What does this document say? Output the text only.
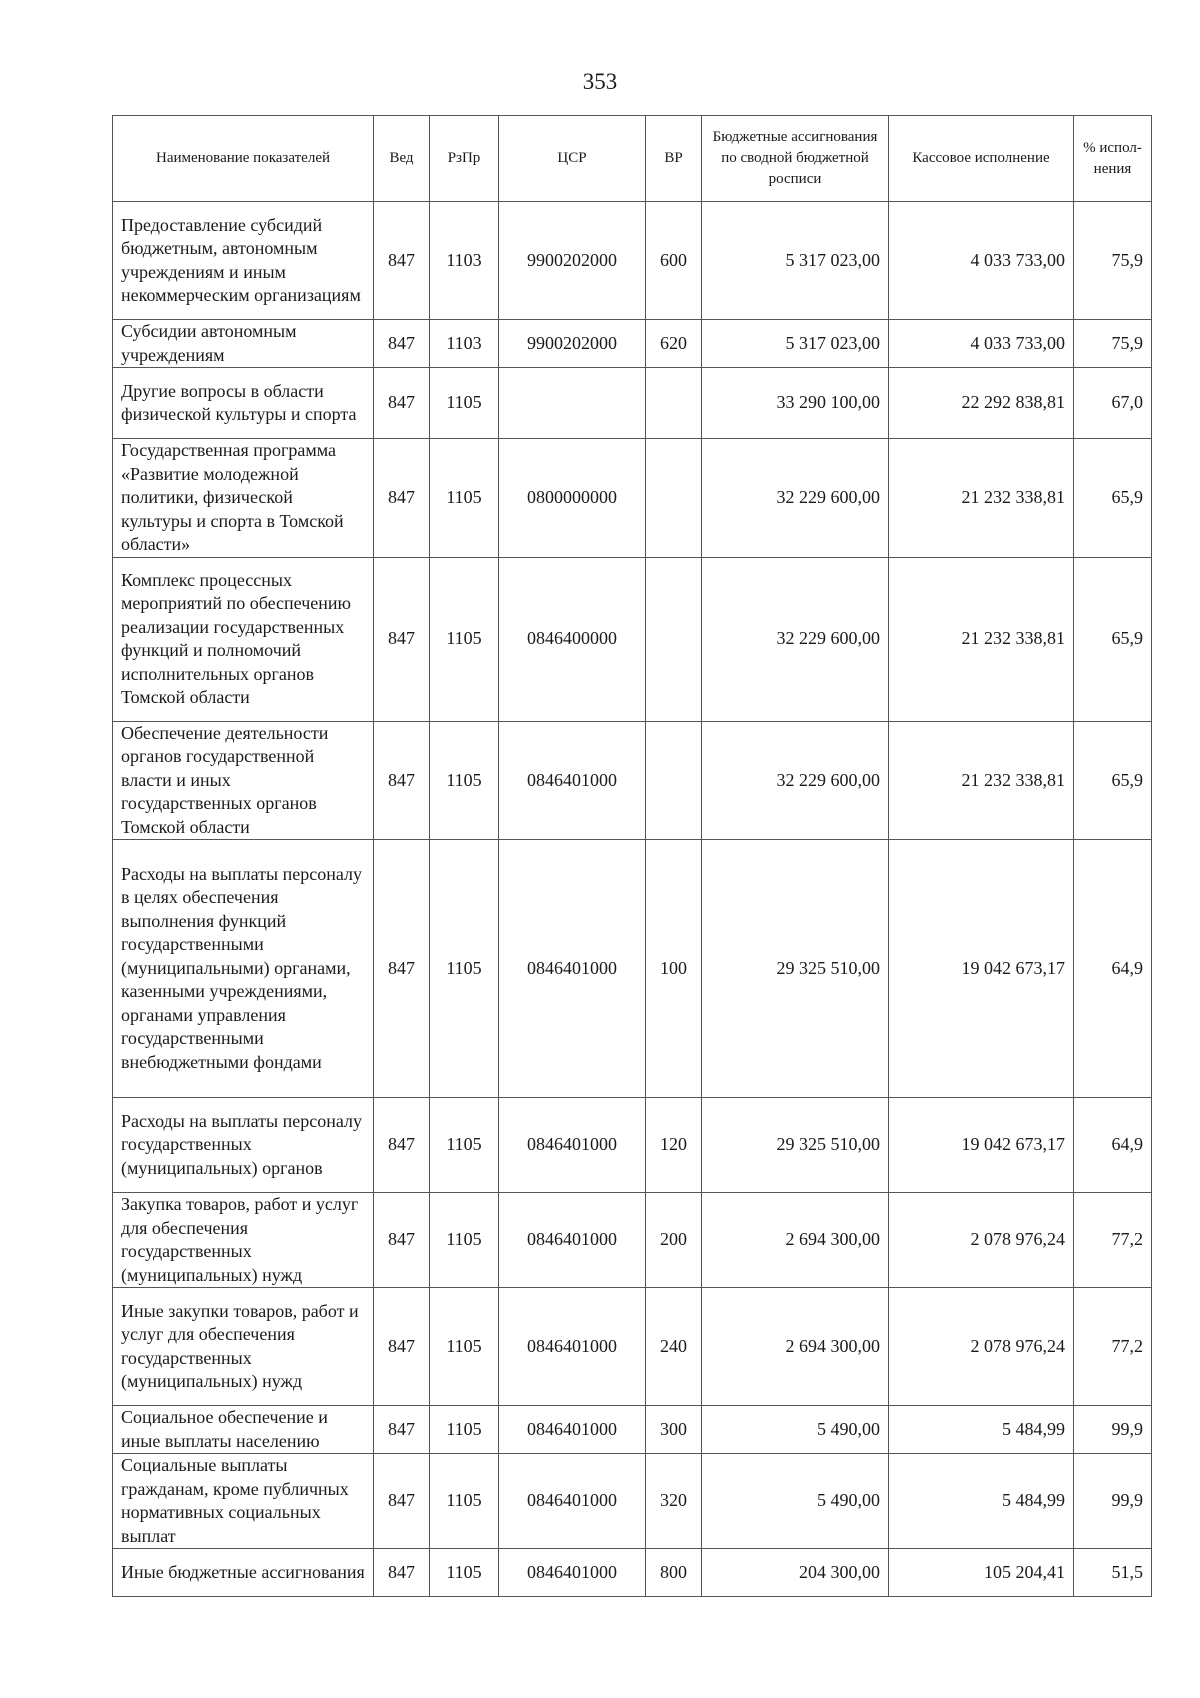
353
Наименование показателей	Вед	РзПр	ЦСР	ВР	Бюджетные ассигнования по сводной бюджетной росписи	Кассовое исполнение	% испол-нения
Предоставление субсидий бюджетным, автономным учреждениям и иным некоммерческим организациям	847	1103	9900202000	600	5 317 023,00	4 033 733,00	75,9
Субсидии автономным учреждениям	847	1103	9900202000	620	5 317 023,00	4 033 733,00	75,9
Другие вопросы в области физической культуры и спорта	847	1105			33 290 100,00	22 292 838,81	67,0
Государственная программа «Развитие молодежной политики, физической культуры и спорта в Томской области»	847	1105	0800000000		32 229 600,00	21 232 338,81	65,9
Комплекс процессных мероприятий по обеспечению реализации государственных функций и полномочий исполнительных органов Томской области	847	1105	0846400000		32 229 600,00	21 232 338,81	65,9
Обеспечение деятельности органов государственной власти и иных государственных органов Томской области	847	1105	0846401000		32 229 600,00	21 232 338,81	65,9
Расходы на выплаты персоналу в целях обеспечения выполнения функций государственными (муниципальными) органами, казенными учреждениями, органами управления государственными внебюджетными фондами	847	1105	0846401000	100	29 325 510,00	19 042 673,17	64,9
Расходы на выплаты персоналу государственных (муниципальных) органов	847	1105	0846401000	120	29 325 510,00	19 042 673,17	64,9
Закупка товаров, работ и услуг для обеспечения государственных (муниципальных) нужд	847	1105	0846401000	200	2 694 300,00	2 078 976,24	77,2
Иные закупки товаров, работ и услуг для обеспечения государственных (муниципальных) нужд	847	1105	0846401000	240	2 694 300,00	2 078 976,24	77,2
Социальное обеспечение и иные выплаты населению	847	1105	0846401000	300	5 490,00	5 484,99	99,9
Социальные выплаты гражданам, кроме публичных нормативных социальных выплат	847	1105	0846401000	320	5 490,00	5 484,99	99,9
Иные бюджетные ассигнования	847	1105	0846401000	800	204 300,00	105 204,41	51,5
